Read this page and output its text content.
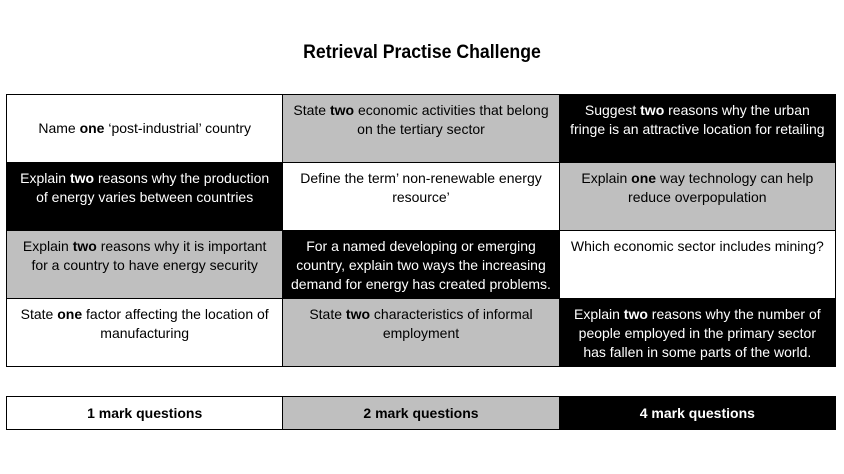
Retrieval Practise Challenge
Name one ‘post-industrial’ country	State two economic activities that belong on the tertiary sector	Suggest two reasons why the urban fringe is an attractive location for retailing
Explain two reasons why the production of energy varies between countries	Define the term’ non-renewable energy resource’	Explain one way technology can help reduce overpopulation
Explain two reasons why it is important for a country to have energy security	For a named developing or emerging country, explain two ways the increasing demand for energy has created problems.	Which economic sector includes mining?
State one factor affecting the location of manufacturing	State two characteristics of informal employment	Explain two reasons why the number of people employed in the primary sector has fallen in some parts of the world.
1 mark questions	2 mark questions	4 mark questions
